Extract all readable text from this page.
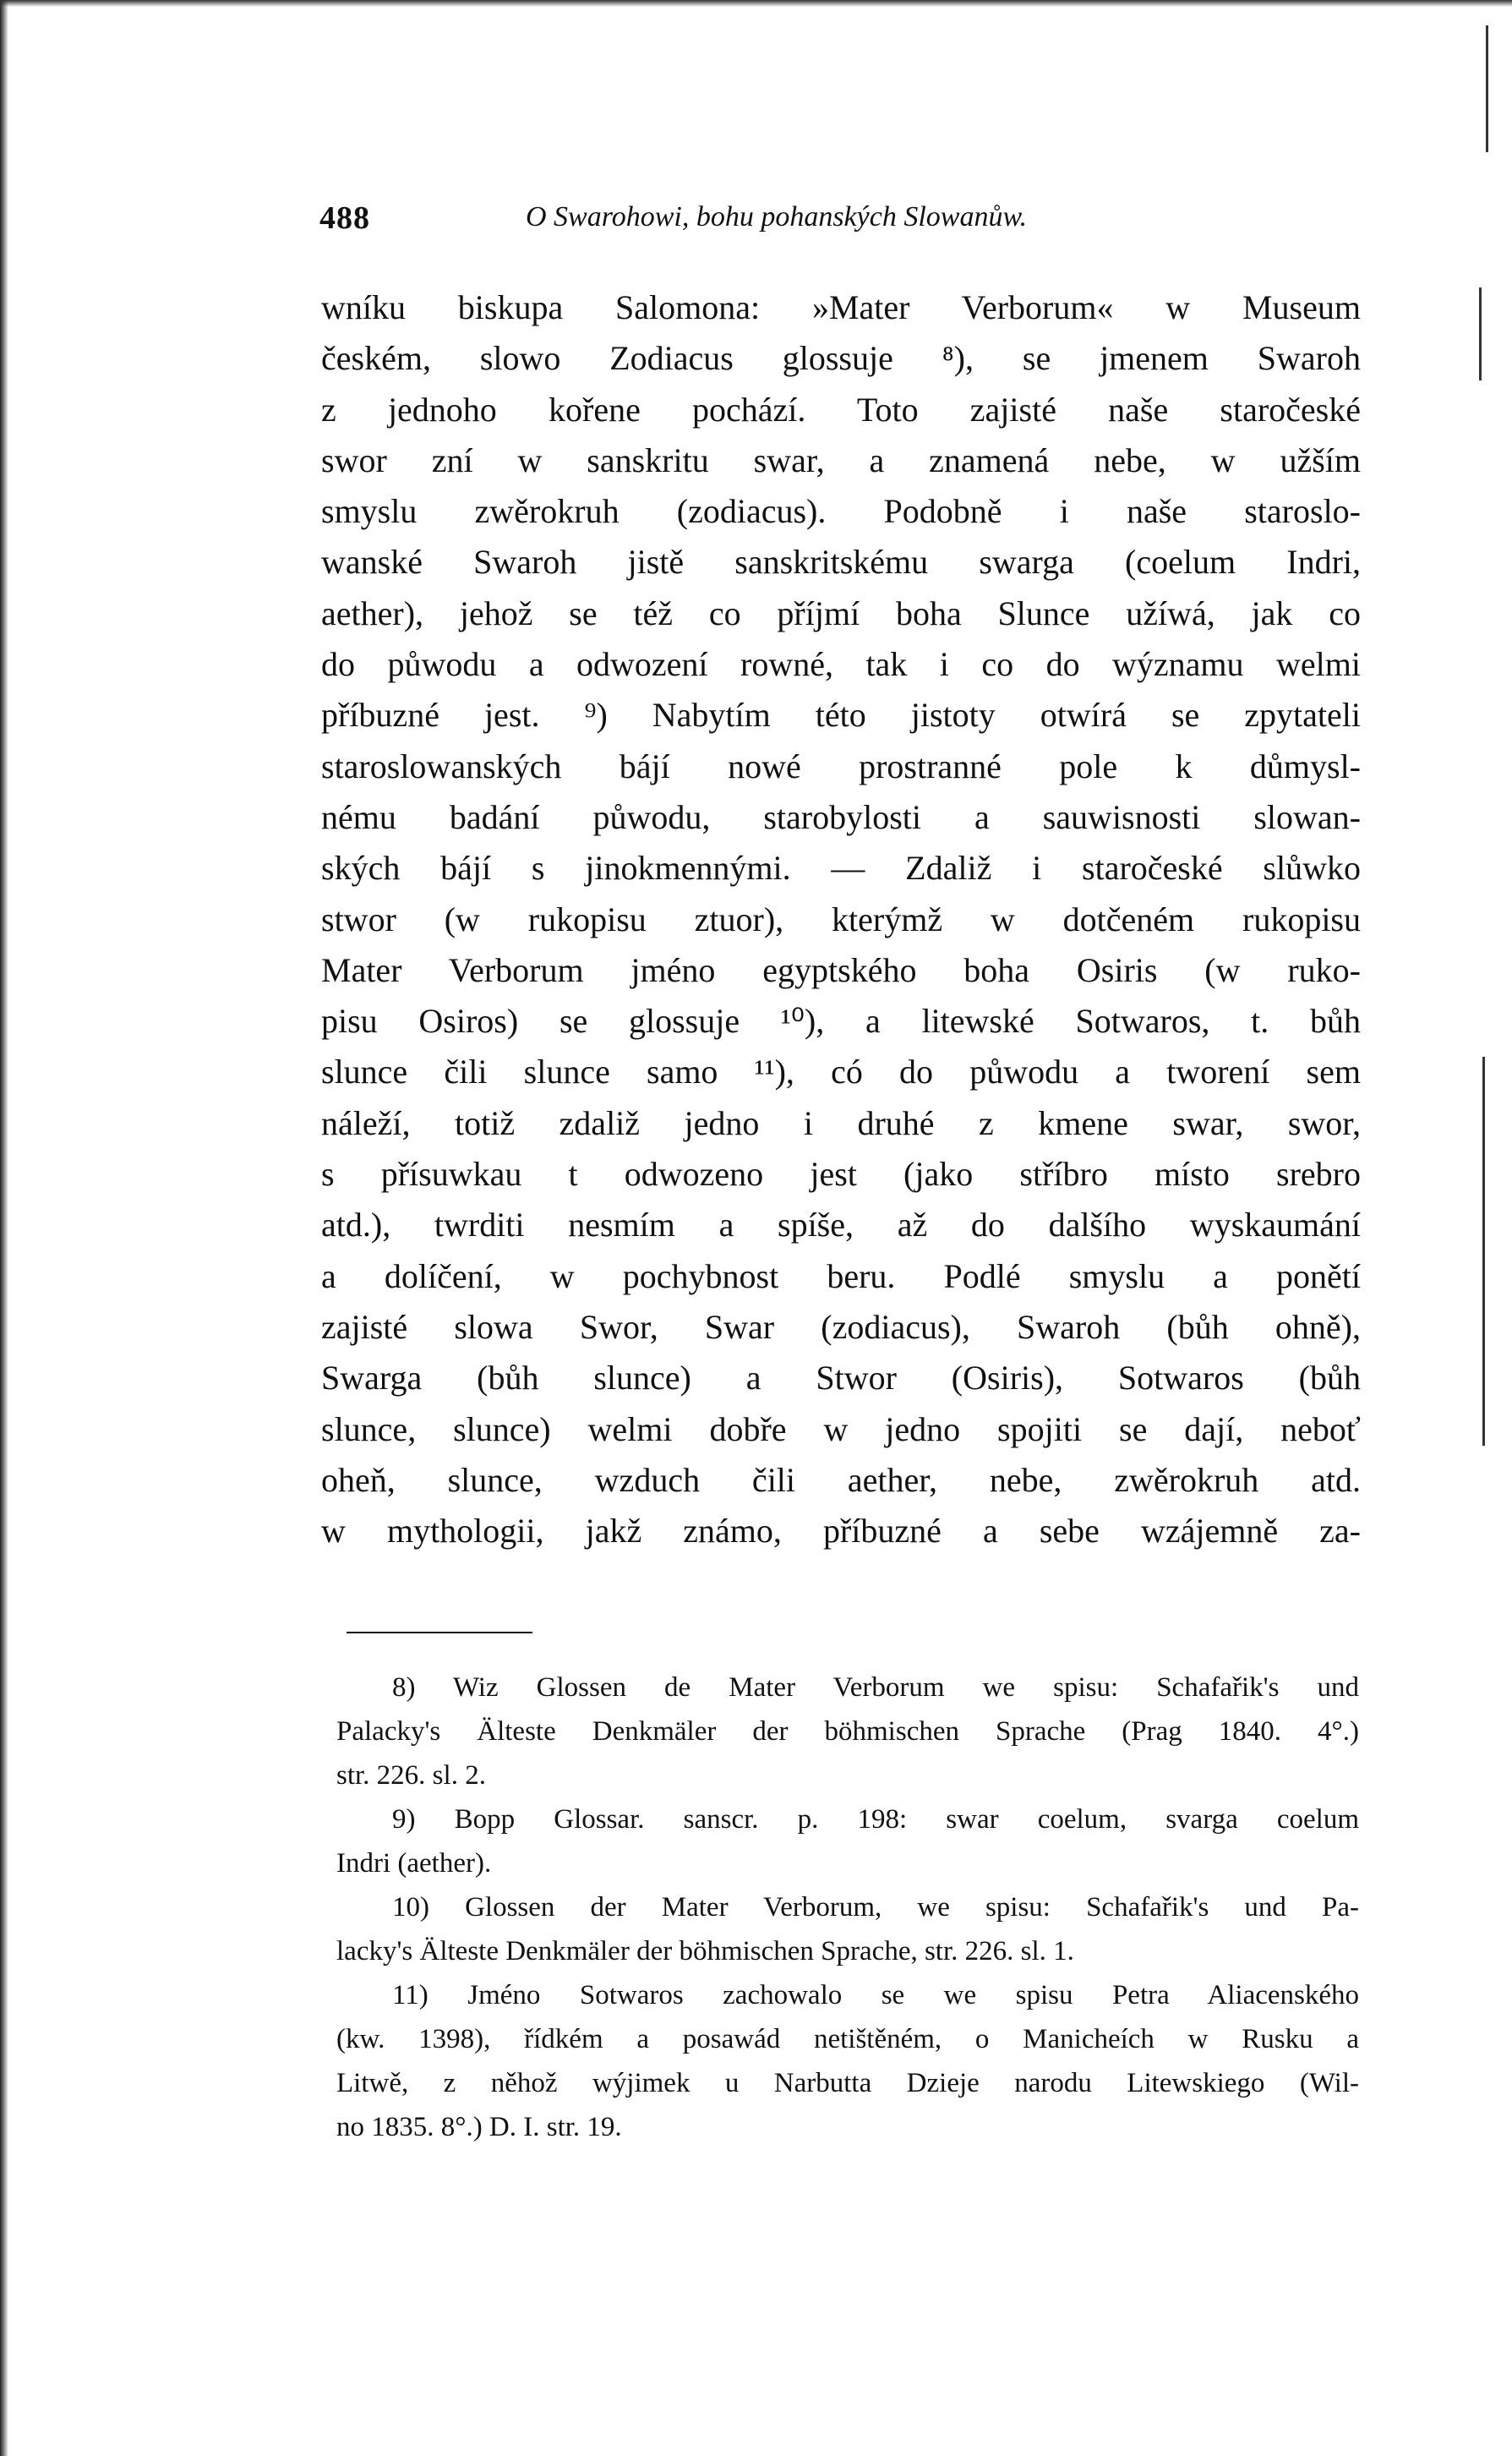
488	O Swarohowi, bohu pohanských Slowanůw.
wníku biskupa Salomona: »Mater Verborum« w Museum
českém, slowo Zodiacus glossuje ⁸), se jmenem Swaroh
z jednoho kořene pochází. Toto zajisté naše staročeské
swor zní w sanskritu swar, a znamená nebe, w užším
smyslu zwěrokruh (zodiacus). Podobně i naše staroslo-
wanské Swaroh jistě sanskritskému swarga (coelum Indri,
aether), jehož se též co příjmí boha Slunce užíwá, jak co
do půwodu a odwození rowné, tak i co do wýznamu welmi
příbuzné jest. ⁹) Nabytím této jistoty otwírá se zpytateli
staroslowanských bájí nowé prostranné pole k důmysl-
nému badání půwodu, starobylosti a sauwisnosti slowan-
ských bájí s jinokmennými. — Zdaliž i staročeské slůwko
stwor (w rukopisu ztuor), kterýmž w dotčeném rukopisu
Mater Verborum jméno egyptského boha Osiris (w ruko-
pisu Osiros) se glossuje ¹⁰), a litewské Sotwaros, t. bůh
slunce čili slunce samo ¹¹), có do půwodu a tworení sem
náleží, totiž zdaliž jedno i druhé z kmene swar, swor,
s přísuwkau t odwozeno jest (jako stříbro místo srebro
atd.), twrditi nesmím a spíše, až do dalšího wyskaumání
a dolíčení, w pochybnost beru. Podlé smyslu a ponětí
zajisté slowa Swor, Swar (zodiacus), Swaroh (bůh ohně),
Swarga (bůh slunce) a Stwor (Osiris), Sotwaros (bůh
slunce, slunce) welmi dobře w jedno spojiti se dají, neboť
oheň, slunce, wzduch čili aether, nebe, zwěrokruh atd.
w mythologii, jakž známo, příbuzné a sebe wzájemně za-
8) Wiz Glossen de Mater Verborum we spisu: Schafařik's und
Palacky's Älteste Denkmäler der böhmischen Sprache (Prag 1840. 4°.)
str. 226. sl. 2.
9) Bopp Glossar. sanscr. p. 198: swar coelum, svarga coelum
Indri (aether).
10) Glossen der Mater Verborum, we spisu: Schafařik's und Pa-
lacky's Älteste Denkmäler der böhmischen Sprache, str. 226. sl. 1.
11) Jméno Sotwaros zachowalo se we spisu Petra Aliacenského
(kw. 1398), řídkém a posawád netištěném, o Manicheích w Rusku a
Litwě, z něhož wýjimek u Narbutta Dzieje narodu Litewskiego (Wil-
no 1835. 8°.) D. I. str. 19.
